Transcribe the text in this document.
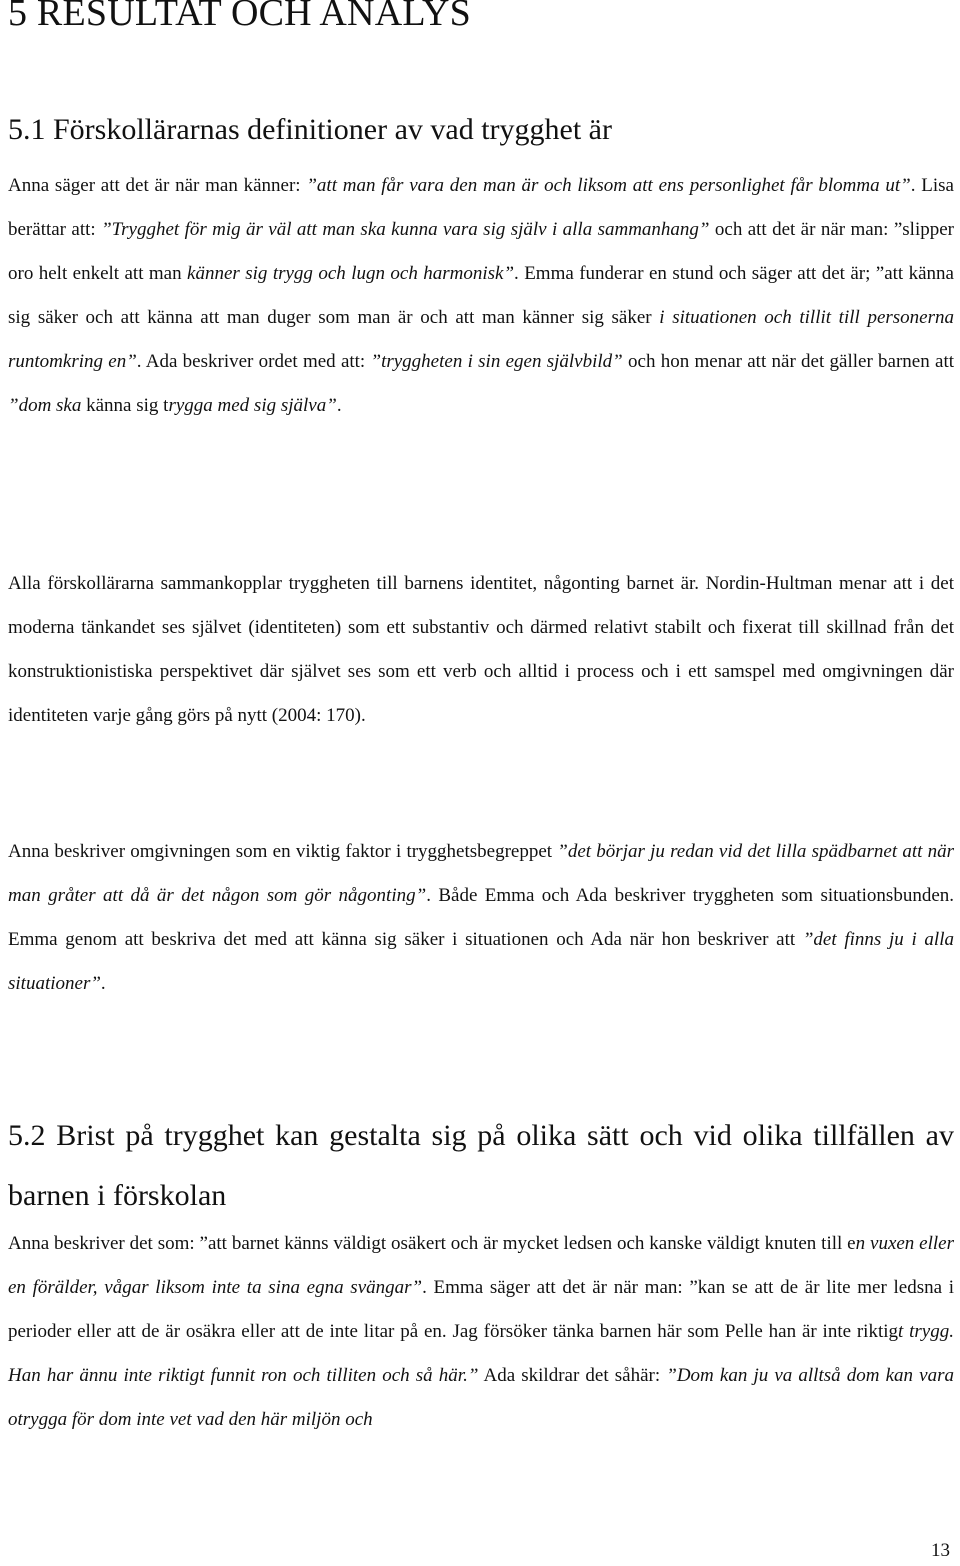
5 RESULTAT OCH ANALYS
5.1 Förskollärarnas definitioner av vad trygghet är

Anna säger att det är när man känner: ”att man får vara den man är och liksom att ens personlighet får blomma ut”. Lisa berättar att: ”Trygghet för mig är väl att man ska kunna vara sig själv i alla sammanhang” och att det är när man: ”slipper oro helt enkelt att man känner sig trygg och lugn och harmonisk”. Emma funderar en stund och säger att det är; ”att känna sig säker och att känna att man duger som man är och att man känner sig säker i situationen och tillit till personerna runtomkring en”. Ada beskriver ordet med att: ”tryggheten i sin egen självbild” och hon menar att när det gäller barnen att ”dom ska känna sig trygga med sig själva”.

Alla förskollärarna sammankopplar tryggheten till barnens identitet, någonting barnet är. Nordin-Hultman menar att i det moderna tänkandet ses självet (identiteten) som ett substantiv och därmed relativt stabilt och fixerat till skillnad från det konstruktionistiska perspektivet där självet ses som ett verb och alltid i process och i ett samspel med omgivningen där identiteten varje gång görs på nytt (2004: 170).

Anna beskriver omgivningen som en viktig faktor i trygghetsbegreppet ”det börjar ju redan vid det lilla spädbarnet att när man gråter att då är det någon som gör någonting”. Både Emma och Ada beskriver tryggheten som situationsbunden. Emma genom att beskriva det med att känna sig säker i situationen och Ada när hon beskriver att ”det finns ju i alla situationer”.

5.2 Brist på trygghet kan gestalta sig på olika sätt och vid olika tillfällen av barnen i förskolan

Anna beskriver det som: ”att barnet känns väldigt osäkert och är mycket ledsen och kanske väldigt knuten till en vuxen eller en förälder, vågar liksom inte ta sina egna svängar”. Emma säger att det är när man: ”kan se att de är lite mer ledsna i perioder eller att de är osäkra eller att de inte litar på en. Jag försöker tänka barnen här som Pelle han är inte riktigt trygg. Han har ännu inte riktigt funnit ron och tilliten och så här.” Ada skildrar det såhär: ”Dom kan ju va alltså dom kan vara otrygga för dom inte vet vad den här miljön och

13
